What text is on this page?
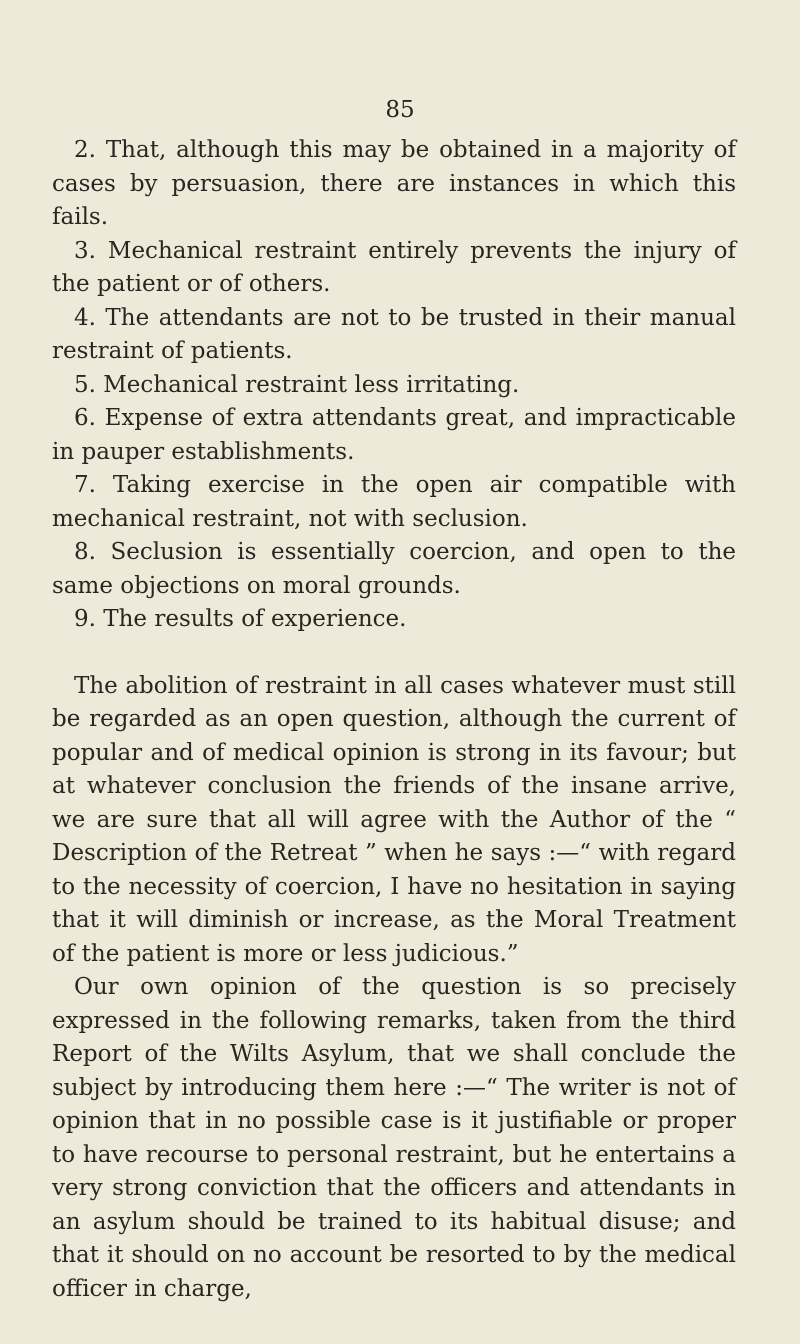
85

2. That, although this may be obtained in a majority of cases by persuasion, there are instances in which this fails.

3. Mechanical restraint entirely prevents the injury of the patient or of others.

4. The attendants are not to be trusted in their manual restraint of patients.

5. Mechanical restraint less irritating.

6. Expense of extra attendants great, and impracticable in pauper establishments.

7. Taking exercise in the open air compatible with mechanical restraint, not with seclusion.

8. Seclusion is essentially coercion, and open to the same objections on moral grounds.

9. The results of experience.

The abolition of restraint in all cases whatever must still be regarded as an open question, although the current of popular and of medical opinion is strong in its favour; but at whatever conclusion the friends of the insane arrive, we are sure that all will agree with the Author of the “ Description of the Retreat ” when he says :—“ with regard to the necessity of coercion, I have no hesitation in saying that it will diminish or increase, as the Moral Treatment of the patient is more or less judicious.”

Our own opinion of the question is so precisely expressed in the following remarks, taken from the third Report of the Wilts Asylum, that we shall conclude the subject by introducing them here :—“ The writer is not of opinion that in no possible case is it justifiable or proper to have recourse to personal restraint, but he entertains a very strong conviction that the officers and attendants in an asylum should be trained to its habitual disuse; and that it should on no account be resorted to by the medical officer in charge,
